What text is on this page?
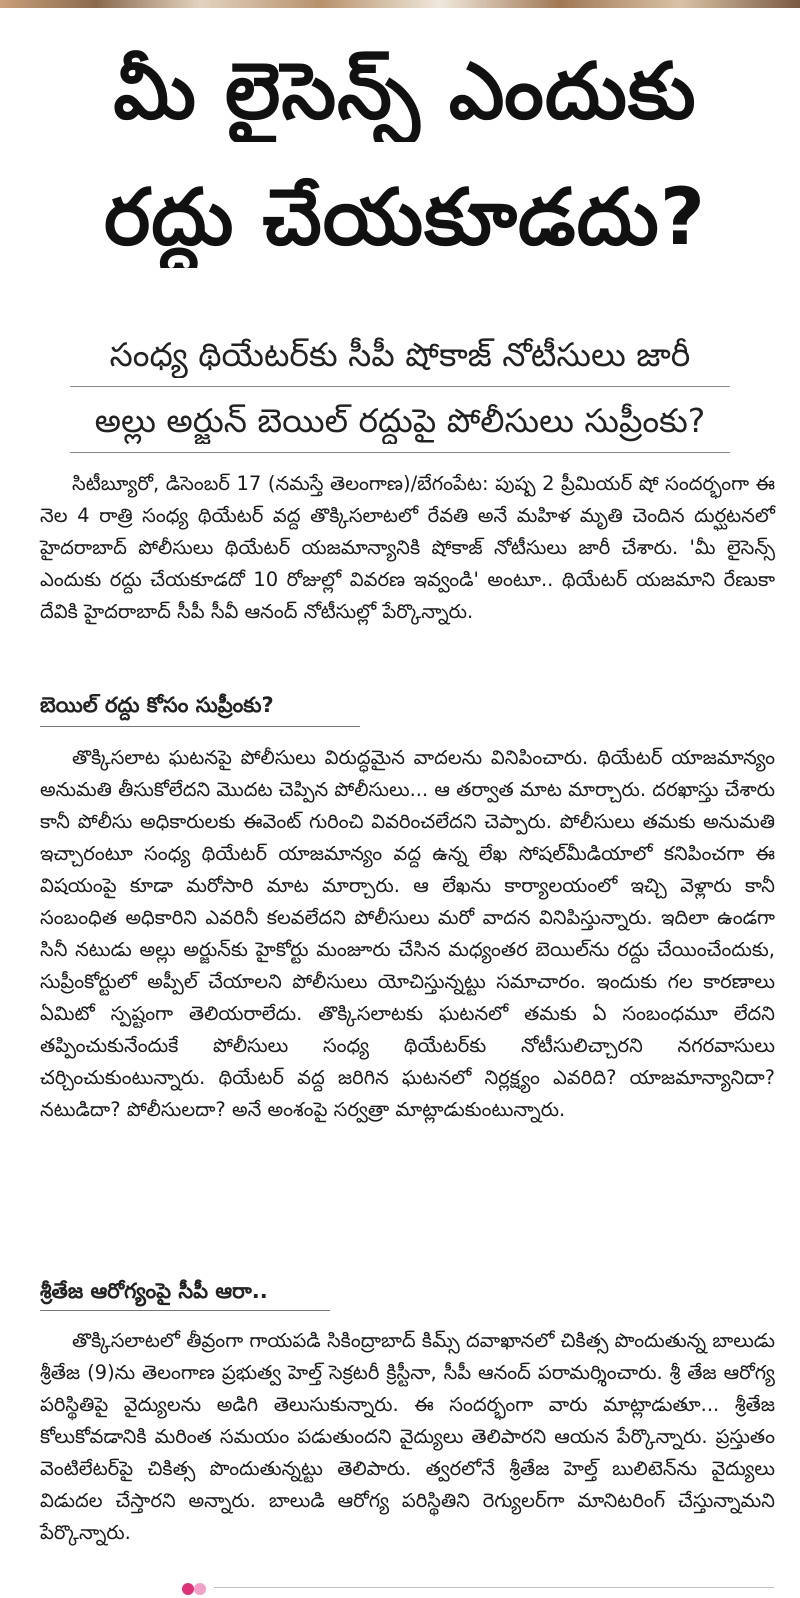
మీ లైసెన్స్ ఎందుకు
రద్దు చేయకూడదు?
సంధ్య థియేటర్‌కు సీపీ షోకాజ్ నోటీసులు జారీ
అల్లు అర్జున్ బెయిల్ రద్దుపై పోలీసులు సుప్రీంకు?
సిటీబ్యూరో, డిసెంబర్ 17 (నమస్తే తెలంగాణ)/బేగంపేట: పుష్ప 2 ప్రీమియర్ షో సందర్భంగా ఈ నెల 4 రాత్రి సంధ్య థియేటర్ వద్ద తొక్కిసలాటలో రేవతి అనే మహిళ మృతి చెందిన దుర్ఘటనలో హైదరాబాద్ పోలీసులు థియేటర్ యజమాన్యానికి షోకాజ్ నోటీసులు జారీ చేశారు. 'మీ లైసెన్స్ ఎందుకు రద్దు చేయకూడదో 10 రోజుల్లో వివరణ ఇవ్వండి' అంటూ.. థియేటర్ యజమాని రేణుకా దేవికి హైదరాబాద్ సీపీ సీవీ ఆనంద్ నోటీసుల్లో పేర్కొన్నారు.
బెయిల్ రద్దు కోసం సుప్రీంకు?
తొక్కిసలాట ఘటనపై పోలీసులు విరుద్ధమైన వాదలను వినిపించారు. థియేటర్ యాజమాన్యం అనుమతి తీసుకోలేదని మొదట చెప్పిన పోలీసులు... ఆ తర్వాత మాట మార్చారు. దరఖాస్తు చేశారు కానీ పోలీసు అధికారులకు ఈవెంట్ గురించి వివరించలేదని చెప్పారు. పోలీసులు తమకు అనుమతి ఇచ్చారంటూ సంధ్య థియేటర్ యాజమాన్యం వద్ద ఉన్న లేఖ సోషల్‌మీడియాలో కనిపించగా ఈ విషయంపై కూడా మరోసారి మాట మార్చారు. ఆ లేఖను కార్యాలయంలో ఇచ్చి వెళ్లారు కానీ సంబంధిత అధికారిని ఎవరినీ కలవలేదని పోలీసులు మరో వాదన వినిపిస్తున్నారు. ఇదిలా ఉండగా సినీ నటుడు అల్లు అర్జున్‌కు హైకోర్టు మంజూరు చేసిన మధ్యంతర బెయిల్‌ను రద్దు చేయించేందుకు, సుప్రీంకోర్టులో అప్పీల్ చేయాలని పోలీసులు యోచిస్తున్నట్టు సమాచారం. ఇందుకు గల కారణాలు ఏమిటో స్పష్టంగా తెలియరాలేదు. తొక్కిసలాటకు ఘటనలో తమకు ఏ సంబంధమూ లేదని తప్పించుకునేందుకే పోలీసులు సంధ్య థియేటర్‌కు నోటీసులిచ్చారని నగరవాసులు చర్చించుకుంటున్నారు. థియేటర్ వద్ద జరిగిన ఘటనలో నిర్లక్ష్యం ఎవరిది? యాజమాన్యానిదా? నటుడిదా? పోలీసులదా? అనే అంశంపై సర్వత్రా మాట్లాడుకుంటున్నారు.
శ్రీతేజ ఆరోగ్యంపై సీపీ ఆరా..
తొక్కిసలాటలో తీవ్రంగా గాయపడి సికింద్రాబాద్ కిమ్స్ దవాఖానలో చికిత్స పొందుతున్న బాలుడు శ్రీతేజ (9)ను తెలంగాణ ప్రభుత్వ హెల్త్ సెక్రటరీ క్రిస్టీనా, సీపీ ఆనంద్ పరామర్శించారు. శ్రీ తేజ ఆరోగ్య పరిస్థితిపై వైద్యులను అడిగి తెలుసుకున్నారు. ఈ సందర్భంగా వారు మాట్లాడుతూ... శ్రీతేజ కోలుకోవడానికి మరింత సమయం పడుతుందని వైద్యులు తెలిపారని ఆయన పేర్కొన్నారు. ప్రస్తుతం వెంటిలేటర్‌పై చికిత్స పొందుతున్నట్టు తెలిపారు. త్వరలోనే శ్రీతేజ హెల్త్ బులిటెన్‌ను వైద్యులు విడుదల చేస్తారని అన్నారు. బాలుడి ఆరోగ్య పరిస్థితిని రెగ్యులర్‌గా మానిటరింగ్ చేస్తున్నామని పేర్కొన్నారు.
